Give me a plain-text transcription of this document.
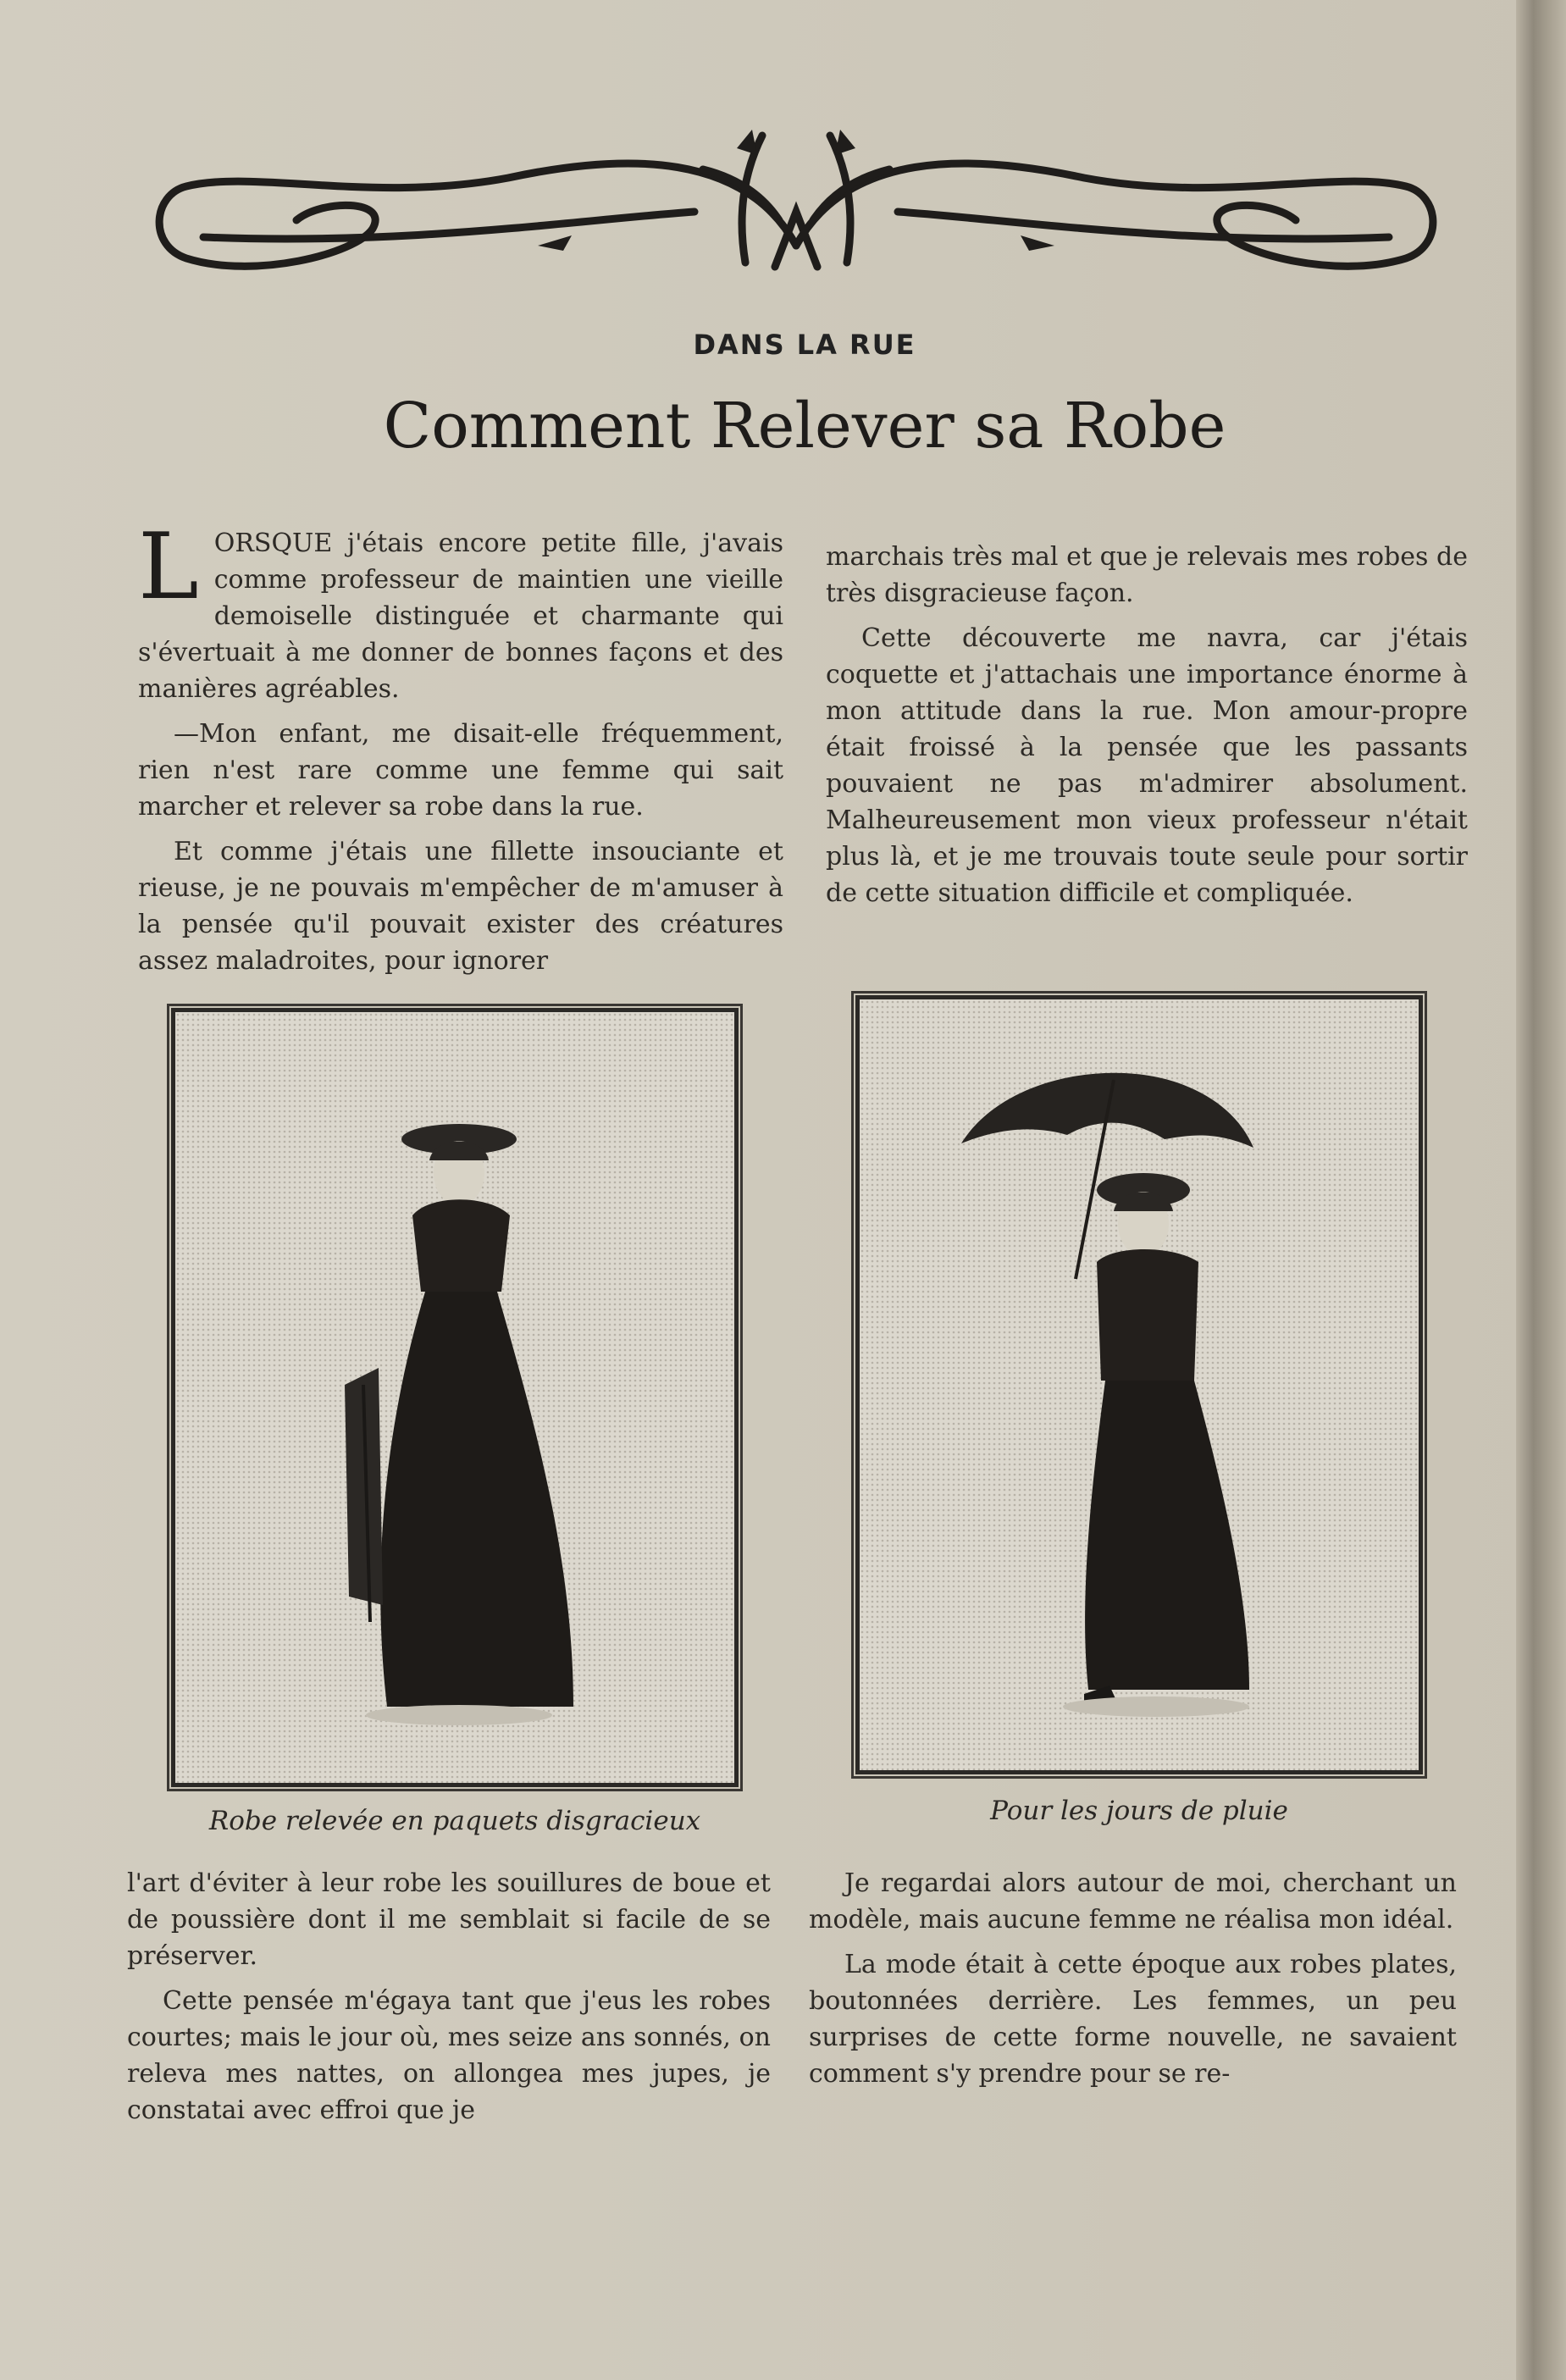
DANS LA RUE
Comment Relever sa Robe

LORSQUE j'étais encore petite fille, j'avais comme professeur de maintien une vieille demoiselle distinguée et charmante qui s'évertuait à me donner de bonnes façons et des manières agréables.

—Mon enfant, me disait-elle fréquemment, rien n'est rare comme une femme qui sait marcher et relever sa robe dans la rue.

Et comme j'étais une fillette insouciante et rieuse, je ne pouvais m'empêcher de m'amuser à la pensée qu'il pouvait exister des créatures assez maladroites, pour ignorer

marchais très mal et que je relevais mes robes de très disgracieuse façon.

Cette découverte me navra, car j'étais coquette et j'attachais une importance énorme à mon attitude dans la rue. Mon amour-propre était froissé à la pensée que les passants pouvaient ne pas m'admirer absolument. Malheureusement mon vieux professeur n'était plus là, et je me trouvais toute seule pour sortir de cette situation difficile et compliquée.

Robe relevée en paquets disgracieux	Pour les jours de pluie

l'art d'éviter à leur robe les souillures de boue et de poussière dont il me semblait si facile de se préserver.

Cette pensée m'égaya tant que j'eus les robes courtes; mais le jour où, mes seize ans sonnés, on releva mes nattes, on allongea mes jupes, je constatai avec effroi que je

Je regardai alors autour de moi, cherchant un modèle, mais aucune femme ne réalisa mon idéal.

La mode était à cette époque aux robes plates, boutonnées derrière. Les femmes, un peu surprises de cette forme nouvelle, ne savaient comment s'y prendre pour se re-
